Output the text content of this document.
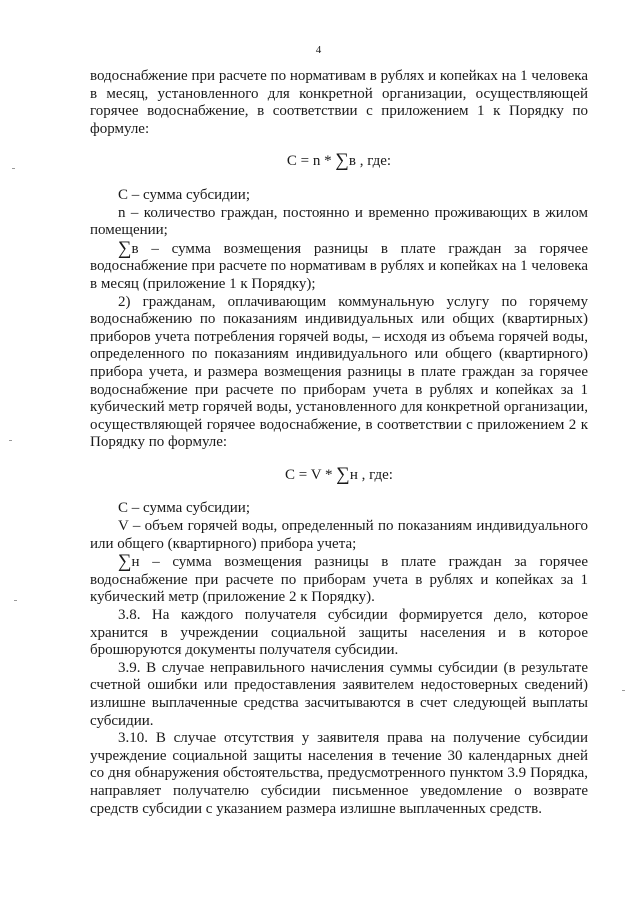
4

водоснабжение при расчете по нормативам в рублях и копейках на 1 человека в месяц, установленного для конкретной организации, осуществляющей горячее водоснабжение, в соответствии с приложением 1 к Порядку по формуле:

C = n * ∑в , где:

С – сумма субсидии;

n – количество граждан, постоянно и временно проживающих в жилом помещении;

∑в – сумма возмещения разницы в плате граждан за горячее водоснабжение при расчете по нормативам в рублях и копейках на 1 человека в месяц (приложение 1 к Порядку);

2) гражданам, оплачивающим коммунальную услугу по горячему водоснабжению по показаниям индивидуальных или общих (квартирных) приборов учета потребления горячей воды, – исходя из объема горячей воды, определенного по показаниям индивидуального или общего (квартирного) прибора учета, и размера возмещения разницы в плате граждан за горячее водоснабжение при расчете по приборам учета в рублях и копейках за 1 кубический метр горячей воды, установленного для конкретной организации, осуществляющей горячее водоснабжение, в соответствии с приложением 2 к Порядку по формуле:

C = V * ∑н , где:

С – сумма субсидии;

V – объем горячей воды, определенный по показаниям индивидуального или общего (квартирного) прибора учета;

∑н – сумма возмещения разницы в плате граждан за горячее водоснабжение при расчете по приборам учета в рублях и копейках за 1 кубический метр (приложение 2 к Порядку).

3.8. На каждого получателя субсидии формируется дело, которое хранится в учреждении социальной защиты населения и в которое брошюруются документы получателя субсидии.

3.9. В случае неправильного начисления суммы субсидии (в результате счетной ошибки или предоставления заявителем недостоверных сведений) излишне выплаченные средства засчитываются в счет следующей выплаты субсидии.

3.10. В случае отсутствия у заявителя права на получение субсидии учреждение социальной защиты населения в течение 30 календарных дней со дня обнаружения обстоятельства, предусмотренного пунктом 3.9 Порядка, направляет получателю субсидии письменное уведомление о возврате средств субсидии с указанием размера излишне выплаченных средств.
